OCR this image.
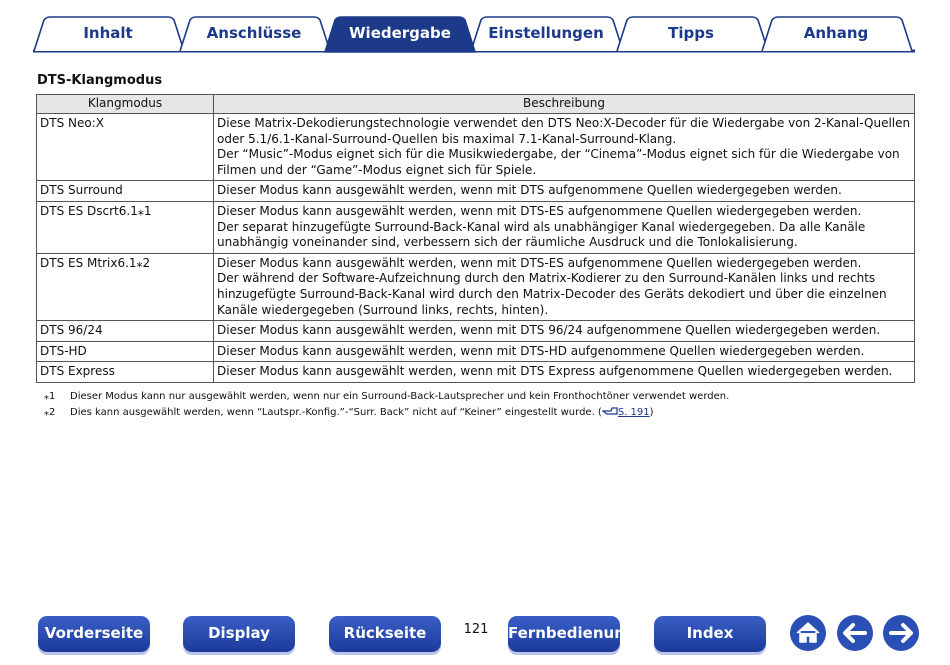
Inhalt	Anschlüsse	Wiedergabe	Einstellungen	Tipps	Anhang
DTS-Klangmodus
Klangmodus	Beschreibung
DTS Neo:X	Diese Matrix-Dekodierungstechnologie verwendet den DTS Neo:X-Decoder für die Wiedergabe von 2-Kanal-Quellen oder 5.1/6.1-Kanal-Surround-Quellen bis maximal 7.1-Kanal-Surround-Klang.
Der “Music”-Modus eignet sich für die Musikwiedergabe, der “Cinema”-Modus eignet sich für die Wiedergabe von Filmen und der “Game”-Modus eignet sich für Spiele.

DTS Surround	Dieser Modus kann ausgewählt werden, wenn mit DTS aufgenommene Quellen wiedergegeben werden.

DTS ES Dscrt6.1⁎1	Dieser Modus kann ausgewählt werden, wenn mit DTS-ES aufgenommene Quellen wiedergegeben werden.
Der separat hinzugefügte Surround-Back-Kanal wird als unabhängiger Kanal wiedergegeben. Da alle Kanäle unabhängig voneinander sind, verbessern sich der räumliche Ausdruck und die Tonlokalisierung.

DTS ES Mtrix6.1⁎2	Dieser Modus kann ausgewählt werden, wenn mit DTS-ES aufgenommene Quellen wiedergegeben werden.
Der während der Software-Aufzeichnung durch den Matrix-Kodierer zu den Surround-Kanälen links und rechts hinzugefügte Surround-Back-Kanal wird durch den Matrix-Decoder des Geräts dekodiert und über die einzelnen Kanäle wiedergegeben (Surround links, rechts, hinten).

DTS 96/24	Dieser Modus kann ausgewählt werden, wenn mit DTS 96/24 aufgenommene Quellen wiedergegeben werden.

DTS-HD	Dieser Modus kann ausgewählt werden, wenn mit DTS-HD aufgenommene Quellen wiedergegeben werden.

DTS Express	Dieser Modus kann ausgewählt werden, wenn mit DTS Express aufgenommene Quellen wiedergegeben werden.
⁎1 Dieser Modus kann nur ausgewählt werden, wenn nur ein Surround-Back-Lautsprecher und kein Fronthochtöner verwendet werden.
⁎2 Dies kann ausgewählt werden, wenn “Lautspr.-Konfig.”-“Surr. Back” nicht auf “Keiner” eingestellt wurde. ( S. 191)
Vorderseite	Display	Rückseite	121	Fernbedienung	Index
